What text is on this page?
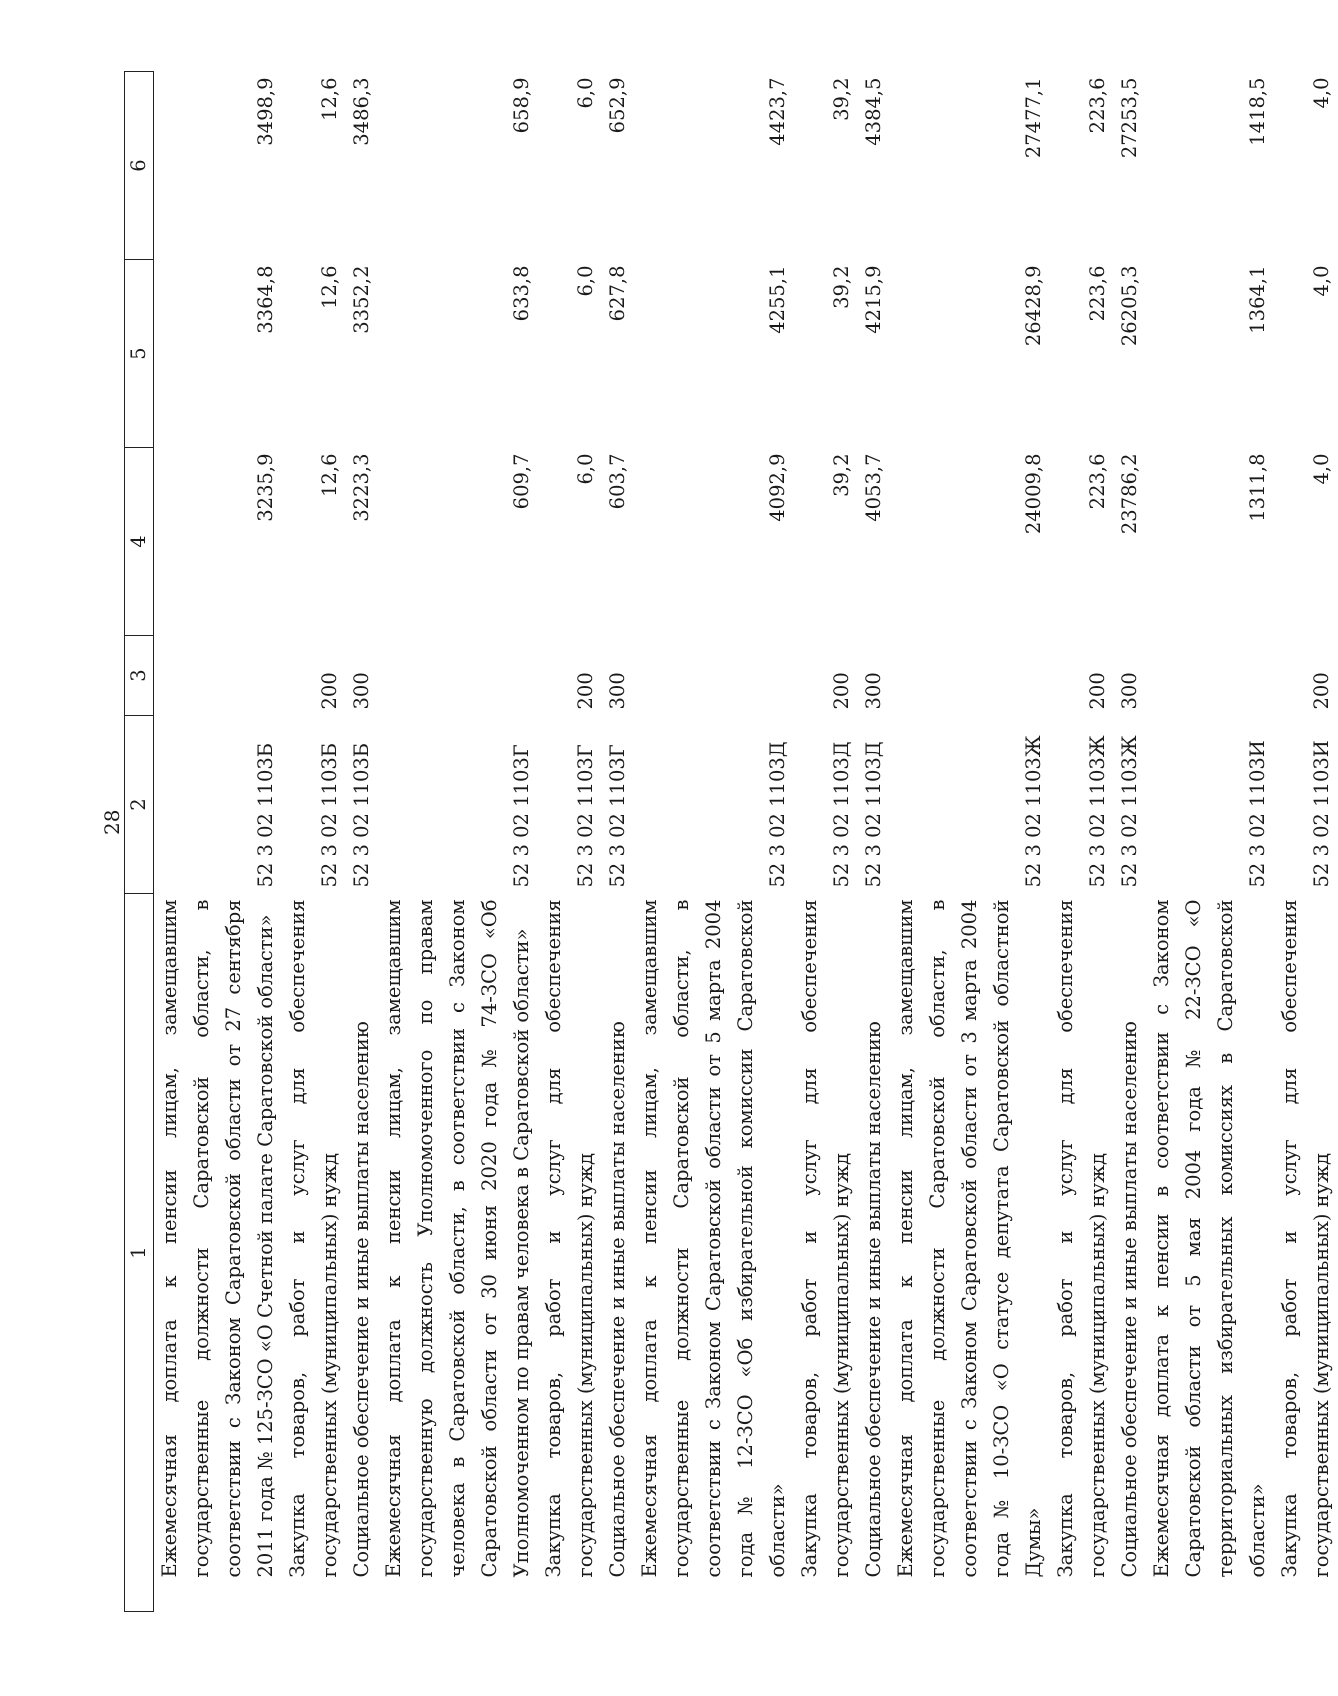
28
1	2	3	4	5	6
Ежемесячная доплата к пенсии лицам, замещавшим государственные должности Саратовской области, в соответствии с Законом Саратовской области от 27 сентября 2011 года № 125-ЗСО «О Счетной палате Саратовской области»	52 3 02 1103Б		3235,9	3364,8	3498,9
Закупка товаров, работ и услуг для обеспечения государственных (муниципальных) нужд	52 3 02 1103Б	200	12,6	12,6	12,6
Социальное обеспечение и иные выплаты населению	52 3 02 1103Б	300	3223,3	3352,2	3486,3
Ежемесячная доплата к пенсии лицам, замещавшим государственную должность Уполномоченного по правам человека в Саратовской области, в соответствии с Законом Саратовской области от 30 июня 2020 года № 74-ЗСО «Об Уполномоченном по правам человека в Саратовской области»	52 3 02 1103Г		609,7	633,8	658,9
Закупка товаров, работ и услуг для обеспечения государственных (муниципальных) нужд	52 3 02 1103Г	200	6,0	6,0	6,0
Социальное обеспечение и иные выплаты населению	52 3 02 1103Г	300	603,7	627,8	652,9
Ежемесячная доплата к пенсии лицам, замещавшим государственные должности Саратовской области, в соответствии с Законом Саратовской области от 5 марта 2004 года № 12-ЗСО «Об избирательной комиссии Саратовской области»	52 3 02 1103Д		4092,9	4255,1	4423,7
Закупка товаров, работ и услуг для обеспечения государственных (муниципальных) нужд	52 3 02 1103Д	200	39,2	39,2	39,2
Социальное обеспечение и иные выплаты населению	52 3 02 1103Д	300	4053,7	4215,9	4384,5
Ежемесячная доплата к пенсии лицам, замещавшим государственные должности Саратовской области, в соответствии с Законом Саратовской области от 3 марта 2004 года № 10-ЗСО «О статусе депутата Саратовской областной Думы»	52 3 02 1103Ж		24009,8	26428,9	27477,1
Закупка товаров, работ и услуг для обеспечения государственных (муниципальных) нужд	52 3 02 1103Ж	200	223,6	223,6	223,6
Социальное обеспечение и иные выплаты населению	52 3 02 1103Ж	300	23786,2	26205,3	27253,5
Ежемесячная доплата к пенсии в соответствии с Законом Саратовской области от 5 мая 2004 года № 22-ЗСО «О территориальных избирательных комиссиях в Саратовской области»	52 3 02 1103И		1311,8	1364,1	1418,5
Закупка товаров, работ и услуг для обеспечения государственных (муниципальных) нужд	52 3 02 1103И	200	4,0	4,0	4,0
